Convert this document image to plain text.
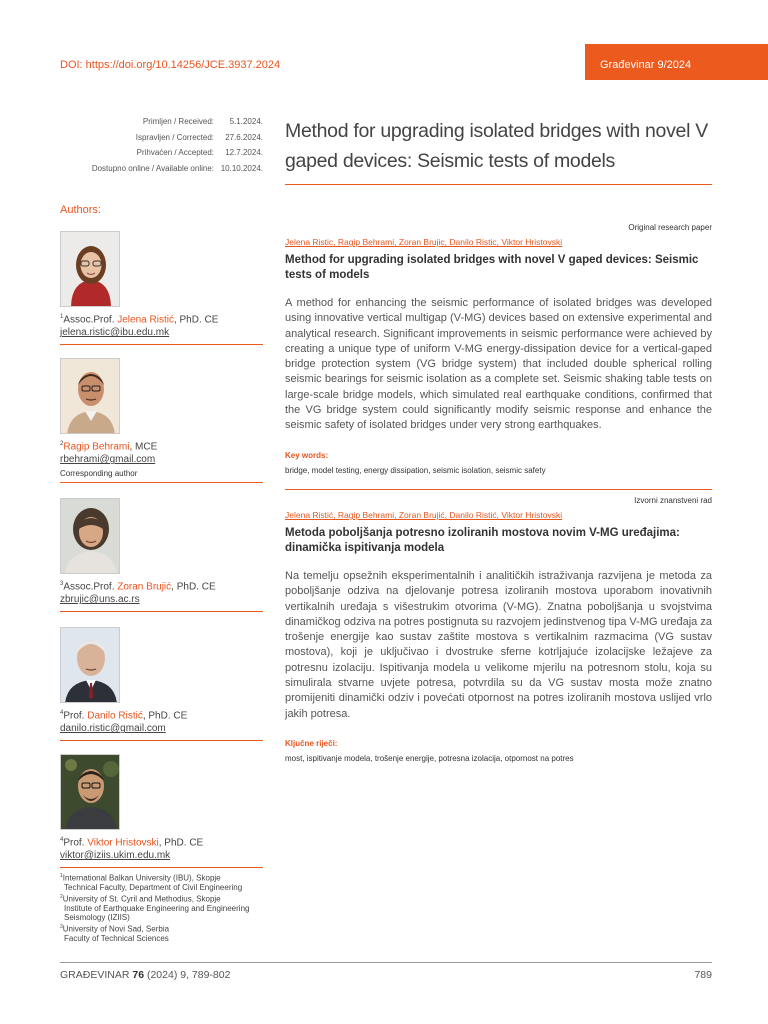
DOI: https://doi.org/10.14256/JCE.3937.2024	Građevinar 9/2024
Primljen / Received:	5.1.2024.
Ispravljen / Corrected:	27.6.2024.
Prihvaćen / Accepted:	12.7.2024.
Dostupno online / Available online: 10.10.2024.
Method for upgrading isolated bridges with novel V gaped devices: Seismic tests of models
Authors:
$^1$Assoc.Prof. Jelena Ristić, PhD. CE
jelena.ristic@ibu.edu.mk
$^2$Ragip Behrami, MCE
rbehrami@gmail.com
Corresponding author
$^3$Assoc.Prof. Zoran Brujić, PhD. CE
zbrujic@uns.ac.rs
$^4$Prof. Danilo Ristić, PhD. CE
danilo.ristic@gmail.com
$^4$Prof. Viktor Hristovski, PhD. CE
viktor@iziis.ukim.edu.mk
$^1$International Balkan University (IBU), Skopje
Technical Faculty, Department of Civil Engineering
$^2$University of St. Cyril and Methodius, Skopje
Institute of Earthquake Engineering and Engineering Seismology (IZIIS)
$^3$University of Novi Sad, Serbia
Faculty of Technical Sciences
Original research paper
Jelena Ristic, Ragip Behrami, Zoran Brujic, Danilo Ristic, Viktor Hristovski
Method for upgrading isolated bridges with novel V gaped devices: Seismic tests of models
A method for enhancing the seismic performance of isolated bridges was developed using innovative vertical multigap (V-MG) devices based on extensive experimental and analytical research. Significant improvements in seismic performance were achieved by creating a unique type of uniform V-MG energy-dissipation device for a vertical-gaped bridge protection system (VG bridge system) that included double spherical rolling seismic bearings for seismic isolation as a complete set. Seismic shaking table tests on large-scale bridge models, which simulated real earthquake conditions, confirmed that the VG bridge system could significantly modify seismic response and enhance the seismic safety of isolated bridges under very strong earthquakes.
Key words:
bridge, model testing, energy dissipation, seismic isolation, seismic safety
Izvorni znanstveni rad
Jelena Ristić, Ragip Behrami, Zoran Brujić, Danilo Ristić, Viktor Hristovski
Metoda poboljšanja potresno izoliranih mostova novim V-MG uređajima: dinamička ispitivanja modela
Na temelju opsežnih eksperimentalnih i analitičkih istraživanja razvijena je metoda za poboljšanje odziva na djelovanje potresa izoliranih mostova uporabom inovativnih vertikalnih uređaja s višestrukim otvorima (V-MG). Znatna poboljšanja u svojstvima dinamičkog odziva na potres postignuta su razvojem jedinstvenog tipa V-MG uređaja za trošenje energije kao sustav zaštite mostova s vertikalnim razmacima (VG sustav mostova), koji je uključivao i dvostruke sferne kotrljajuće izolacijske ležajeve za potresnu izolaciju. Ispitivanja modela u velikome mjerilu na potresnom stolu, koja su simulirala stvarne uvjete potresa, potvrdila su da VG sustav mosta može znatno promijeniti dinamički odziv i povećati otpornost na potres izoliranih mostova uslijed vrlo jakih potresa.
Ključne riječi:
most, ispitivanje modela, trošenje energije, potresna izolacija, otpornost na potres
GRAĐEVINAR 76 (2024) 9, 789-802	789
